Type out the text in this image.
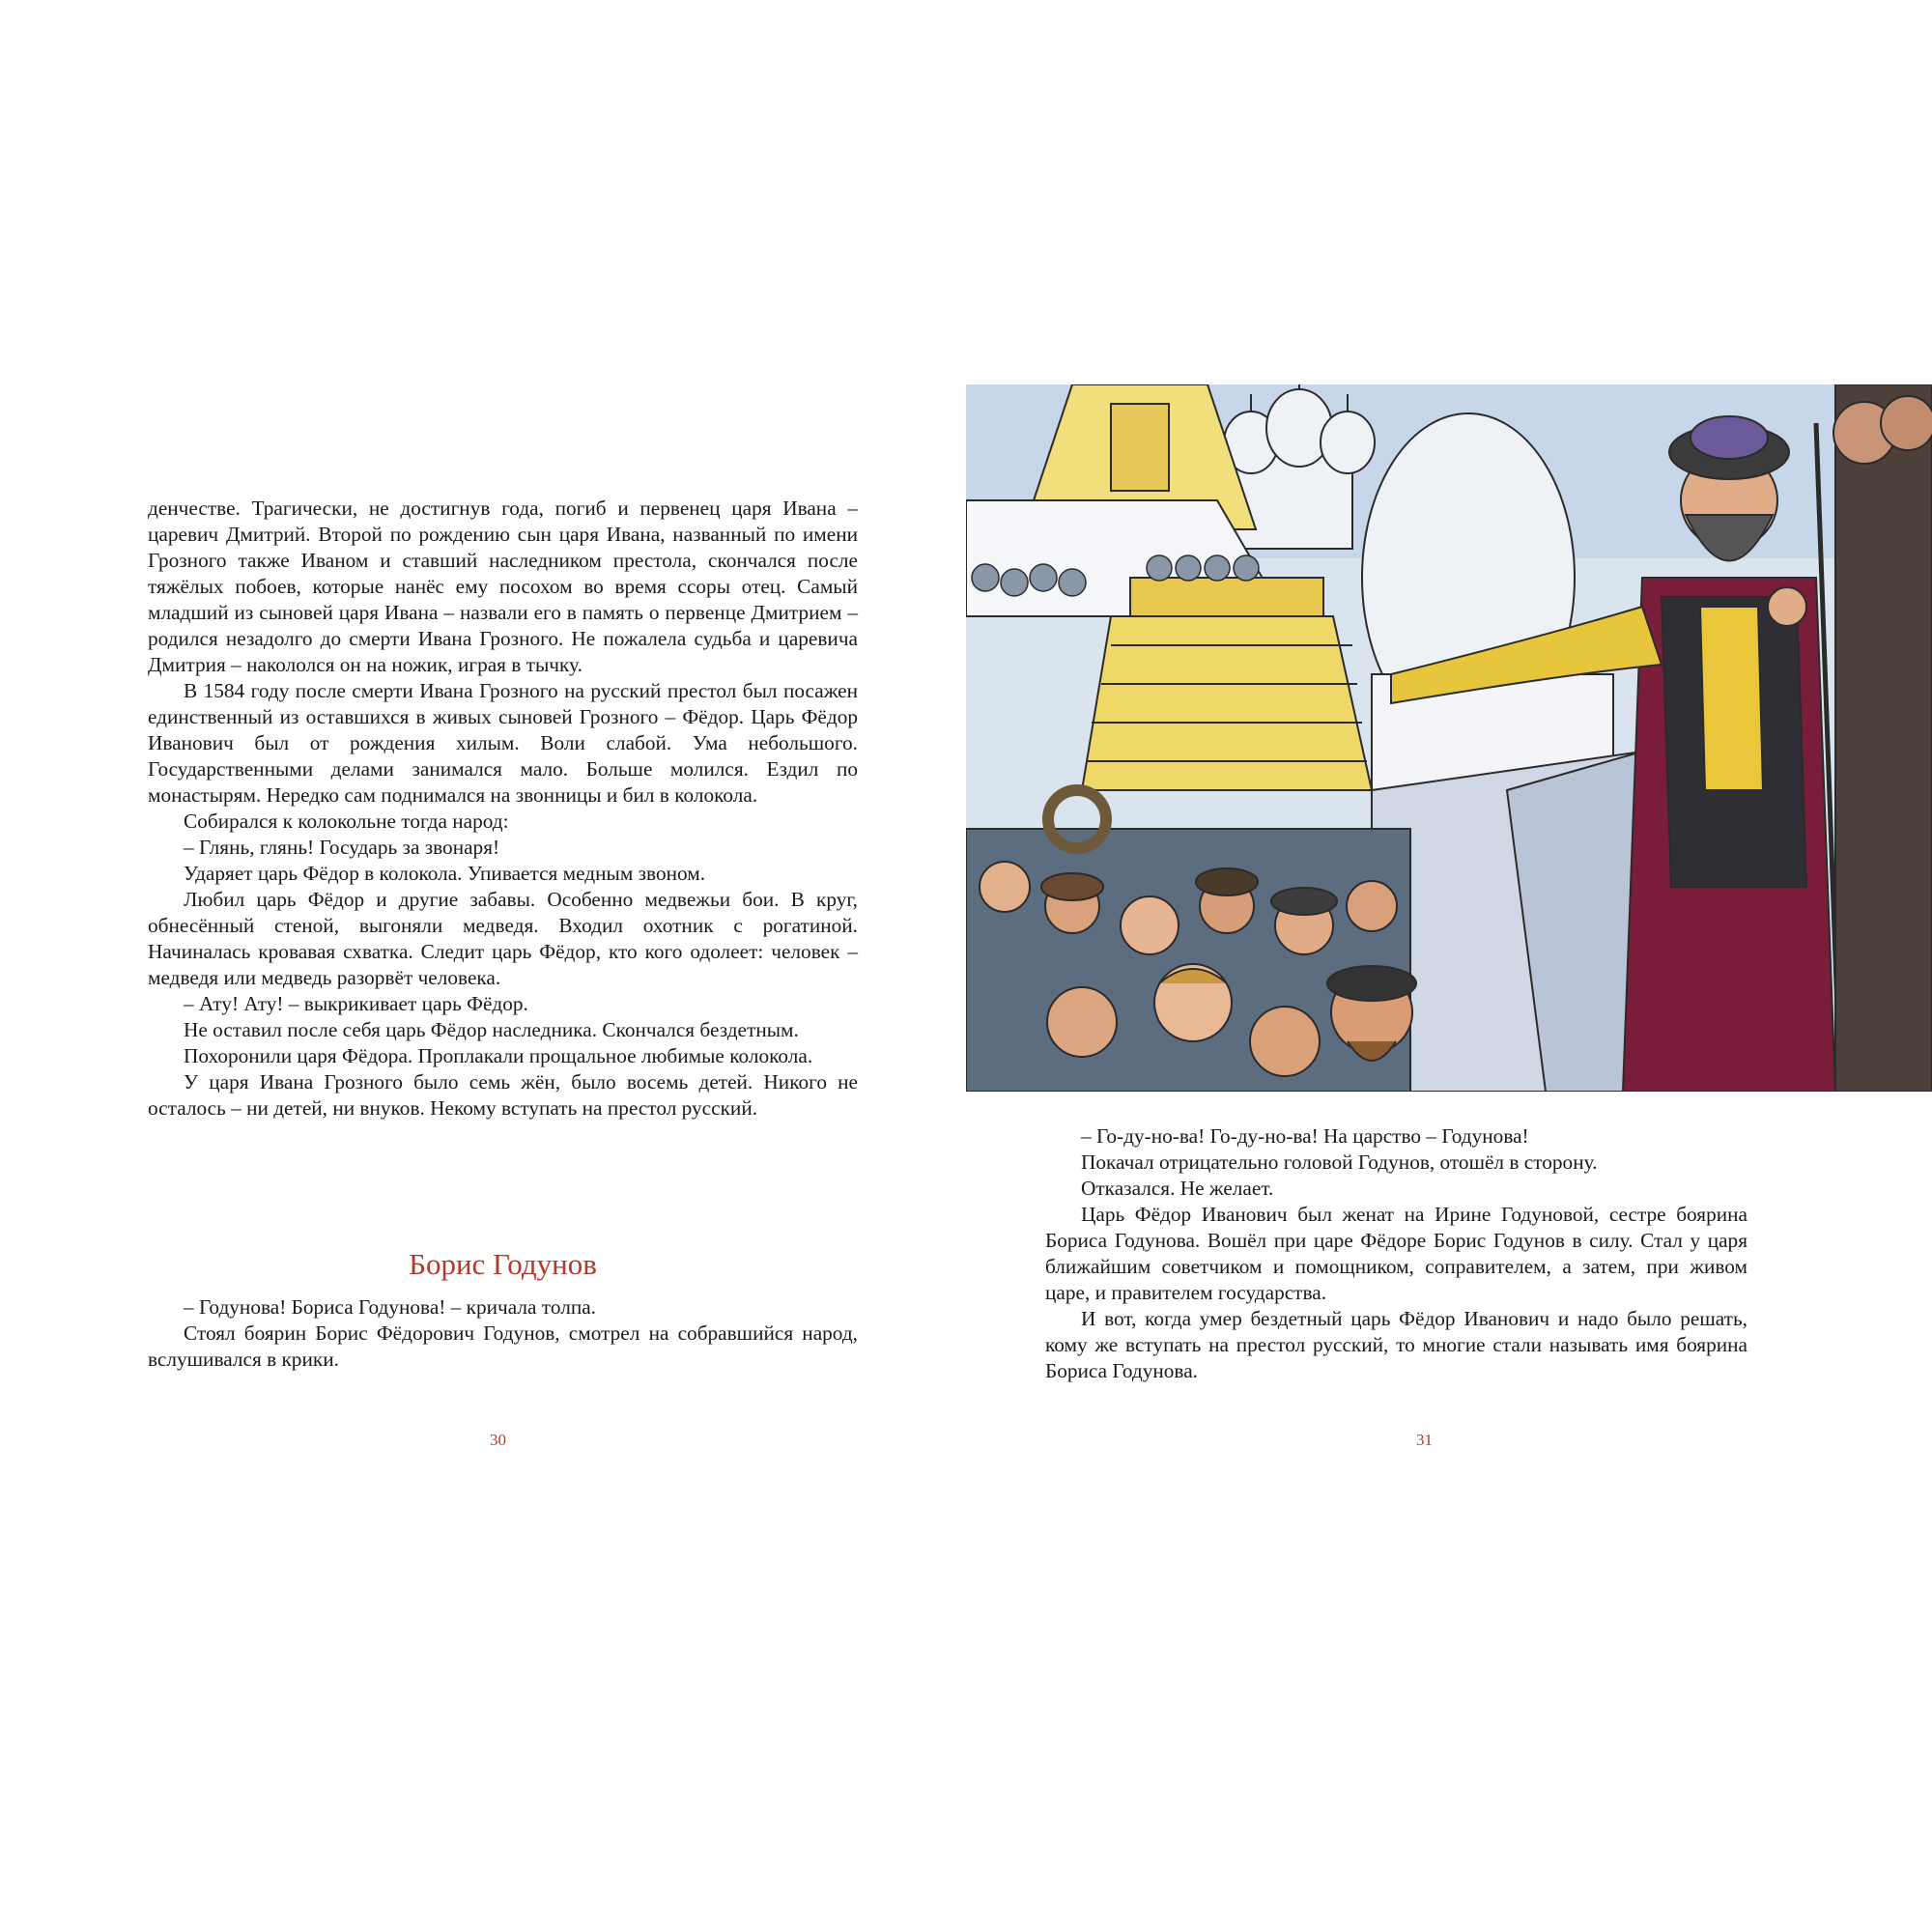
денчестве. Трагически, не достигнув года, погиб и первенец царя Ивана – царевич Дмитрий. Второй по рождению сын царя Ивана, названный по имени Грозного также Иваном и ставший наследником престола, скончался после тяжёлых побоев, которые нанёс ему посохом во время ссоры отец. Самый младший из сыновей царя Ивана – назвали его в память о первенце Дмитрием – родился незадолго до смерти Ивана Грозного. Не пожалела судьба и царевича Дмитрия – накололся он на ножик, играя в тычку.

В 1584 году после смерти Ивана Грозного на русский престол был посажен единственный из оставшихся в живых сыновей Грозного – Фёдор. Царь Фёдор Иванович был от рождения хилым. Воли слабой. Ума небольшого. Государственными делами занимался мало. Больше молился. Ездил по монастырям. Нередко сам поднимался на звонницы и бил в колокола.

Собирался к колокольне тогда народ:

– Глянь, глянь! Государь за звонаря!

Ударяет царь Фёдор в колокола. Упивается медным звоном.

Любил царь Фёдор и другие забавы. Особенно медвежьи бои. В круг, обнесённый стеной, выгоняли медведя. Входил охотник с рогатиной. Начиналась кровавая схватка. Следит царь Фёдор, кто кого одолеет: человек – медведя или медведь разорвёт человека.

– Ату! Ату! – выкрикивает царь Фёдор.

Не оставил после себя царь Фёдор наследника. Скончался бездетным.

Похоронили царя Фёдора. Проплакали прощальное любимые колокола.

У царя Ивана Грозного было семь жён, было восемь детей. Никого не осталось – ни детей, ни внуков. Некому вступать на престол русский.

Борис Годунов

– Годунова! Бориса Годунова! – кричала толпа.

Стоял боярин Борис Фёдорович Годунов, смотрел на собравшийся народ, вслушивался в крики.

30

– Го-ду-но-ва! Го-ду-но-ва! На царство – Годунова!

Покачал отрицательно головой Годунов, отошёл в сторону.

Отказался. Не желает.

Царь Фёдор Иванович был женат на Ирине Годуновой, сестре боярина Бориса Годунова. Вошёл при царе Фёдоре Борис Годунов в силу. Стал у царя ближайшим советчиком и помощником, соправителем, а затем, при живом царе, и правителем государства.

И вот, когда умер бездетный царь Фёдор Иванович и надо было решать, кому же вступать на престол русский, то многие стали называть имя боярина Бориса Годунова.

31
